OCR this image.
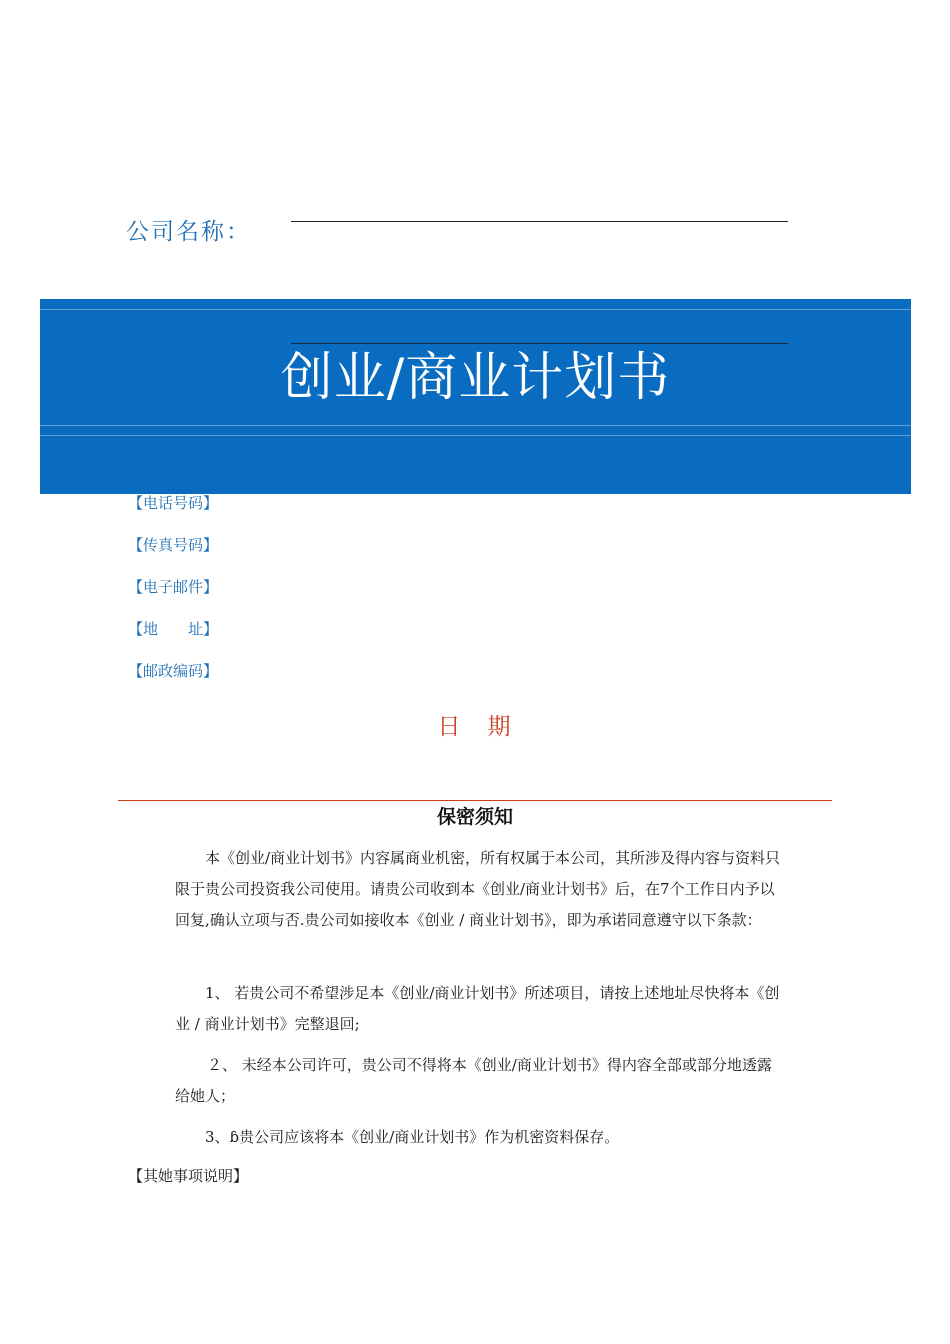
公司名称：
创业/商业计划书
【电话号码】
【传真号码】
【电子邮件】
【地　　址】
【邮政编码】
日　期
保密须知
本《创业/商业计划书》内容属商业机密，所有权属于本公司，其所涉及得内容与资料只限于贵公司投资我公司使用。请贵公司收到本《创业/商业计划书》后，在7个工作日内予以回复,确认立项与否.贵公司如接收本《创业 / 商业计划书》，即为承诺同意遵守以下条款：
1、 若贵公司不希望涉足本《创业/商业计划书》所述项目，请按上述地址尽快将本《创业 / 商业计划书》完整退回;
２、 未经本公司许可，贵公司不得将本《创业/商业计划书》得内容全部或部分地透露给她人；
3、ɓ贵公司应该将本《创业/商业计划书》作为机密资料保存。
【其她事项说明】
